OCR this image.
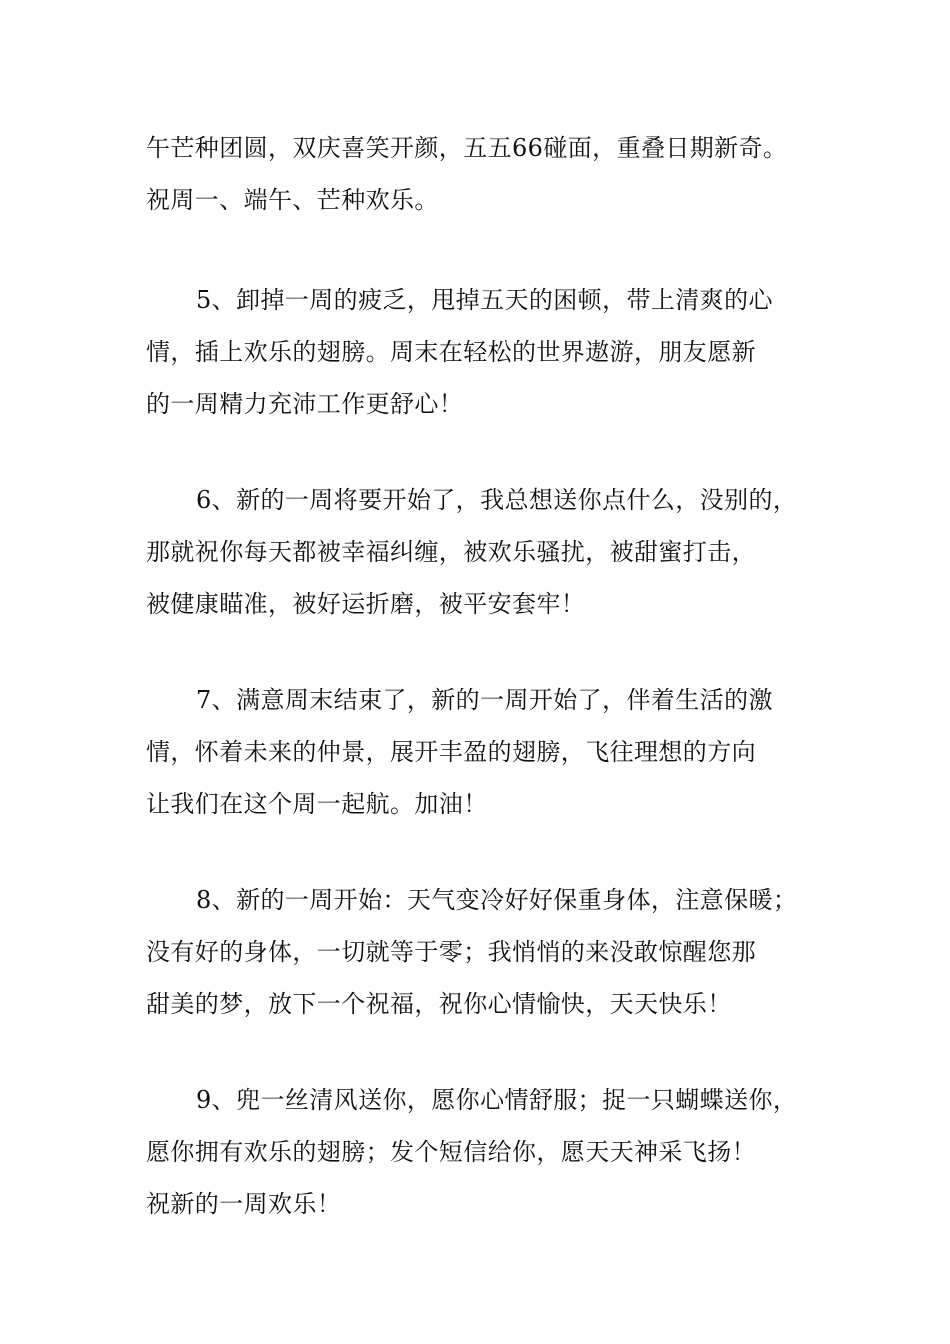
午芒种团圆，双庆喜笑开颜，五五66碰面，重叠日期新奇。
祝周一、端午、芒种欢乐。

5、卸掉一周的疲乏，甩掉五天的困顿，带上清爽的心
情，插上欢乐的翅膀。周末在轻松的世界遨游，朋友愿新
的一周精力充沛工作更舒心！

6、新的一周将要开始了，我总想送你点什么，没别的，
那就祝你每天都被幸福纠缠，被欢乐骚扰，被甜蜜打击，
被健康瞄准，被好运折磨，被平安套牢！

7、满意周末结束了，新的一周开始了，伴着生活的激
情，怀着未来的仲景，展开丰盈的翅膀，飞往理想的方向
让我们在这个周一起航。加油！

8、新的一周开始：天气变冷好好保重身体，注意保暖；
没有好的身体，一切就等于零；我悄悄的来没敢惊醒您那
甜美的梦，放下一个祝福，祝你心情愉快，天天快乐！

9、兜一丝清风送你，愿你心情舒服；捉一只蝴蝶送你，
愿你拥有欢乐的翅膀；发个短信给你，愿天天神采飞扬！
祝新的一周欢乐！
